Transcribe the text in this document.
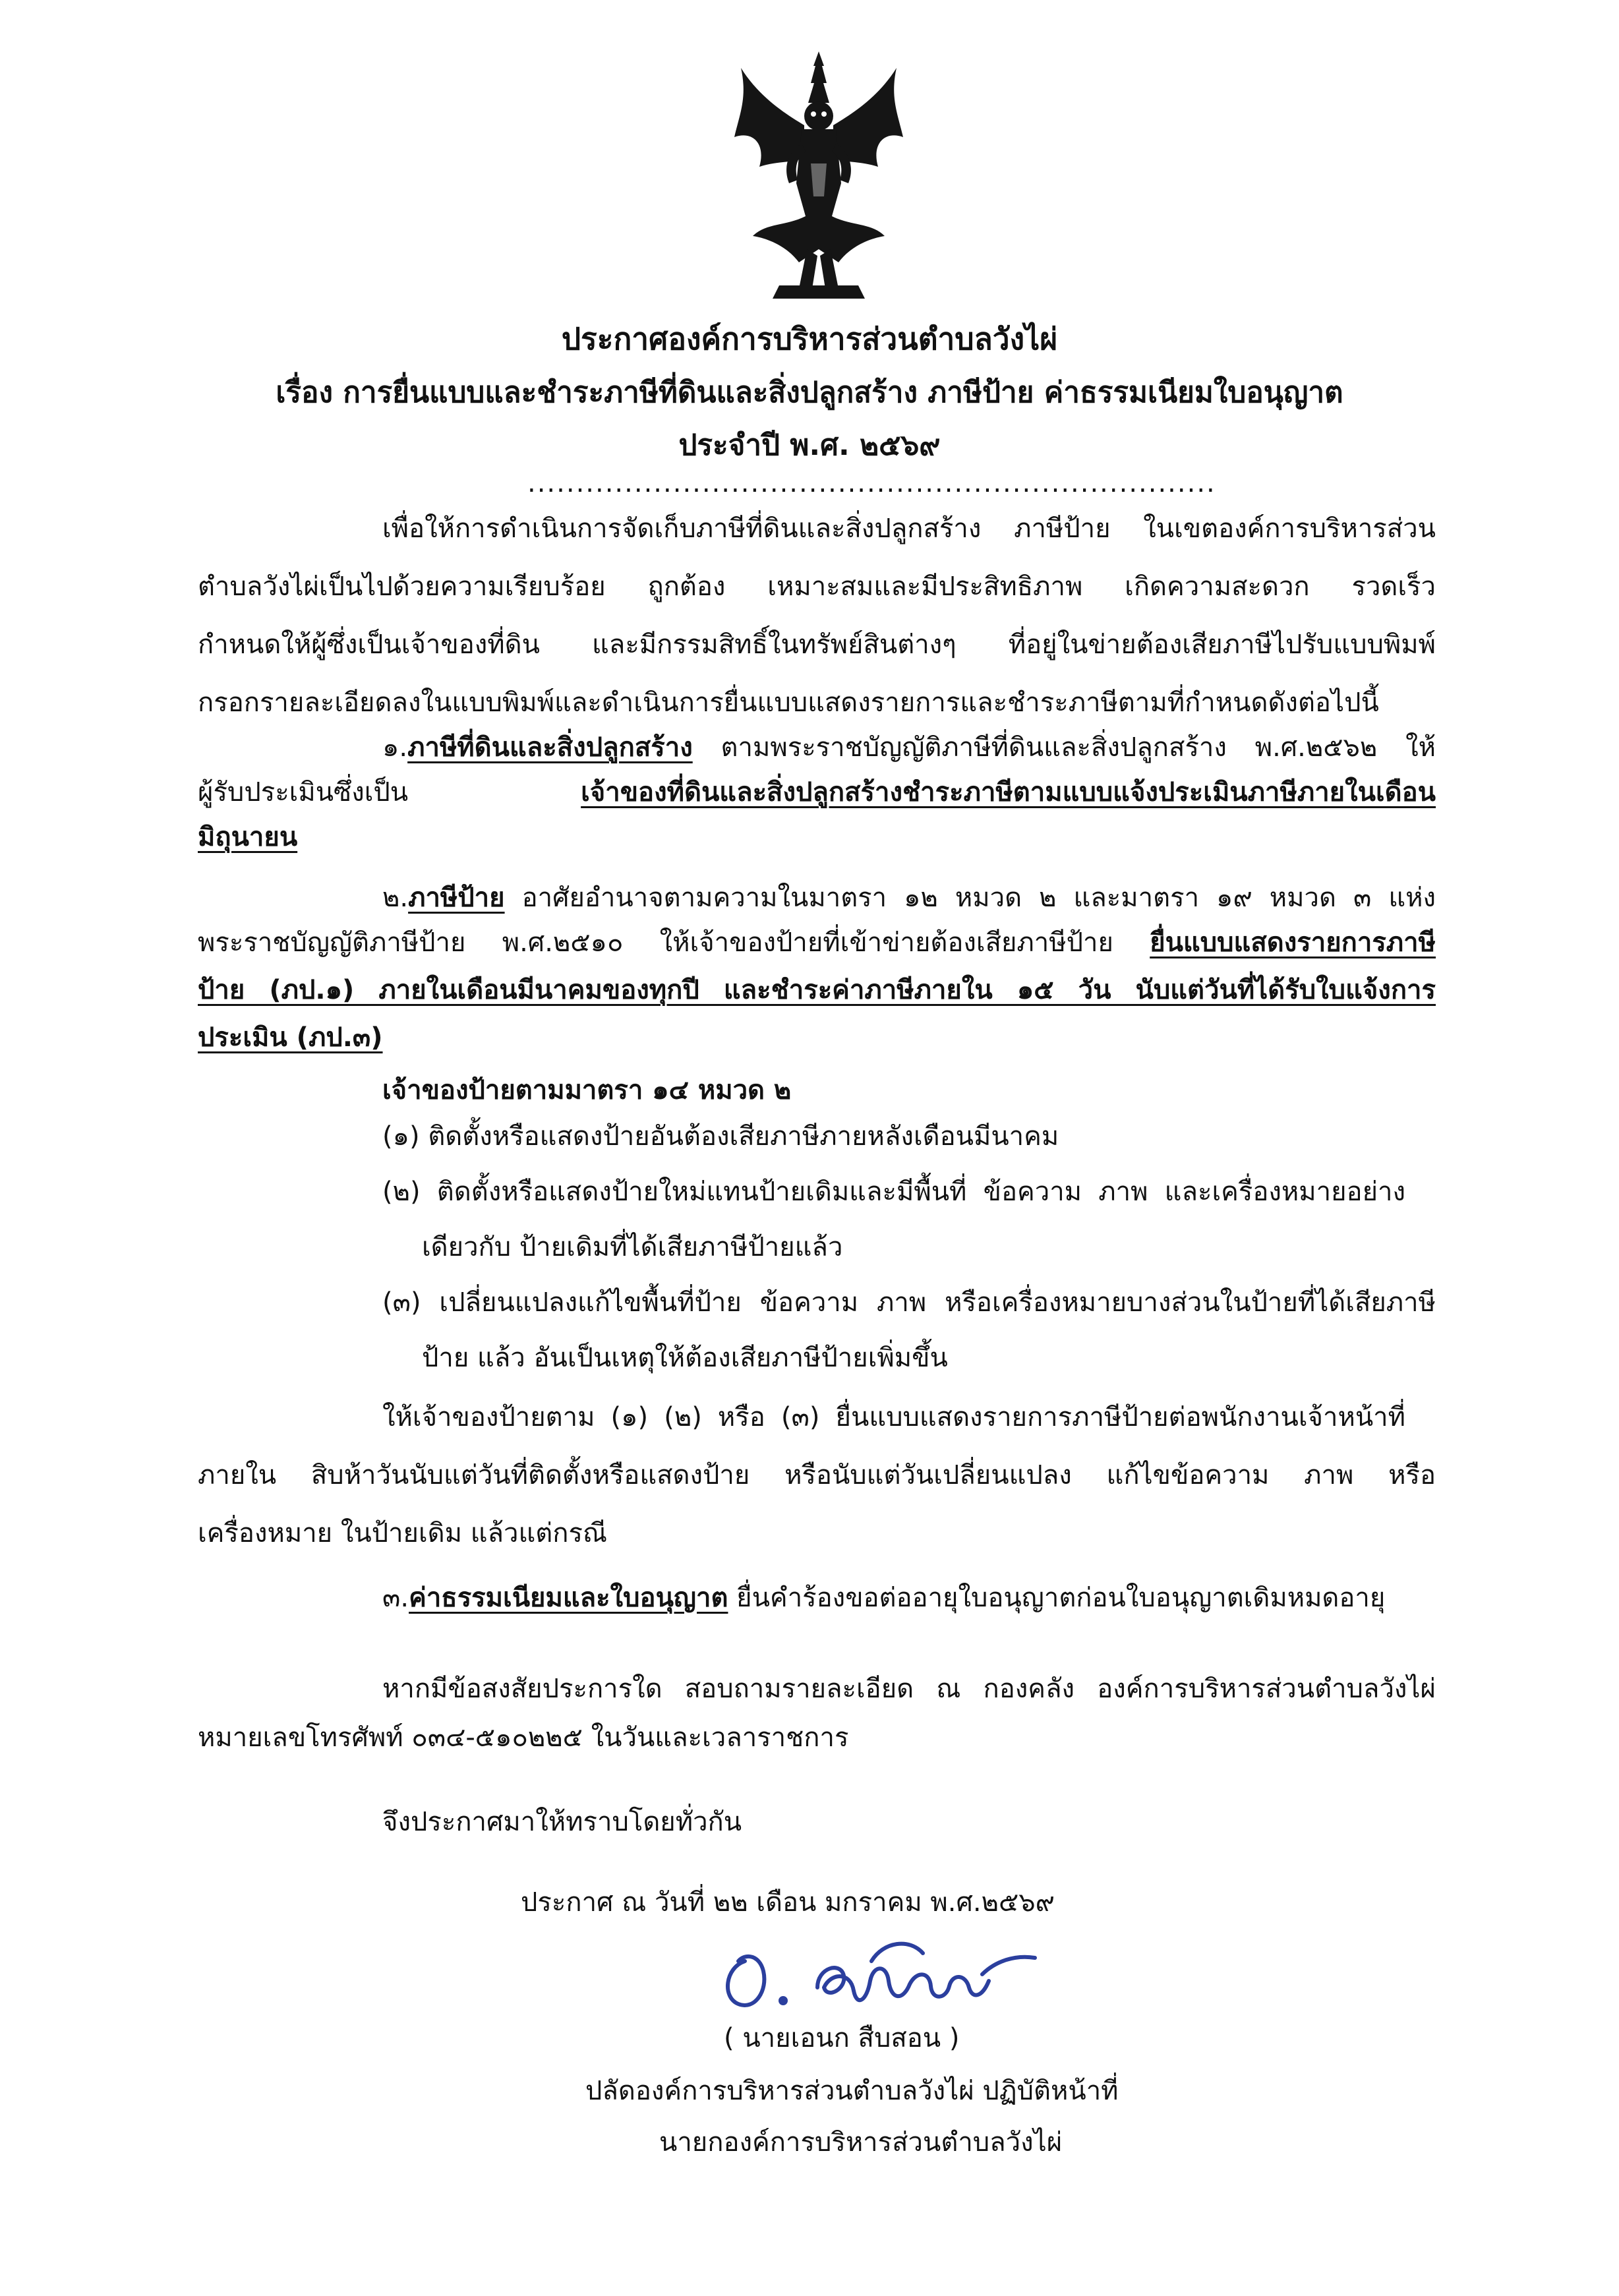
ประกาศองค์การบริหารส่วนตำบลวังไผ่
เรื่อง การยื่นแบบและชำระภาษีที่ดินและสิ่งปลูกสร้าง ภาษีป้าย ค่าธรรมเนียมใบอนุญาต
ประจำปี พ.ศ. ๒๕๖๙
.......................................................................
เพื่อให้การดำเนินการจัดเก็บภาษีที่ดินและสิ่งปลูกสร้าง ภาษีป้าย ในเขตองค์การบริหารส่วน
ตำบลวังไผ่เป็นไปด้วยความเรียบร้อย ถูกต้อง เหมาะสมและมีประสิทธิภาพ เกิดความสะดวก รวดเร็ว
กำหนดให้ผู้ซึ่งเป็นเจ้าของที่ดิน และมีกรรมสิทธิ์ในทรัพย์สินต่างๆ ที่อยู่ในข่ายต้องเสียภาษีไปรับแบบพิมพ์
กรอกรายละเอียดลงในแบบพิมพ์และดำเนินการยื่นแบบแสดงรายการและชำระภาษีตามที่กำหนดดังต่อไปนี้
๑.ภาษีที่ดินและสิ่งปลูกสร้าง ตามพระราชบัญญัติภาษีที่ดินและสิ่งปลูกสร้าง พ.ศ.๒๕๖๒ ให้
ผู้รับประเมินซึ่งเป็น เจ้าของที่ดินและสิ่งปลูกสร้างชำระภาษีตามแบบแจ้งประเมินภาษีภายในเดือน
มิถุนายน
๒.ภาษีป้าย อาศัยอำนาจตามความในมาตรา ๑๒ หมวด ๒ และมาตรา ๑๙ หมวด ๓ แห่ง
พระราชบัญญัติภาษีป้าย พ.ศ.๒๕๑๐ ให้เจ้าของป้ายที่เข้าข่ายต้องเสียภาษีป้าย ยื่นแบบแสดงรายการภาษี
ป้าย (ภป.๑) ภายในเดือนมีนาคมของทุกปี และชำระค่าภาษีภายใน ๑๕ วัน นับแต่วันที่ได้รับใบแจ้งการ
ประเมิน (ภป.๓)
เจ้าของป้ายตามมาตรา ๑๔ หมวด ๒
(๑) ติดตั้งหรือแสดงป้ายอันต้องเสียภาษีภายหลังเดือนมีนาคม
(๒) ติดตั้งหรือแสดงป้ายใหม่แทนป้ายเดิมและมีพื้นที่ ข้อความ ภาพ และเครื่องหมายอย่าง
เดียวกับ ป้ายเดิมที่ได้เสียภาษีป้ายแล้ว
(๓) เปลี่ยนแปลงแก้ไขพื้นที่ป้าย ข้อความ ภาพ หรือเครื่องหมายบางส่วนในป้ายที่ได้เสียภาษี
ป้าย แล้ว อันเป็นเหตุให้ต้องเสียภาษีป้ายเพิ่มขึ้น
ให้เจ้าของป้ายตาม (๑) (๒) หรือ (๓) ยื่นแบบแสดงรายการภาษีป้ายต่อพนักงานเจ้าหน้าที่
ภายใน สิบห้าวันนับแต่วันที่ติดตั้งหรือแสดงป้าย หรือนับแต่วันเปลี่ยนแปลง แก้ไขข้อความ ภาพ หรือ
เครื่องหมาย ในป้ายเดิม แล้วแต่กรณี
๓.ค่าธรรมเนียมและใบอนุญาต ยื่นคำร้องขอต่ออายุใบอนุญาตก่อนใบอนุญาตเดิมหมดอายุ
หากมีข้อสงสัยประการใด สอบถามรายละเอียด ณ กองคลัง องค์การบริหารส่วนตำบลวังไผ่
หมายเลขโทรศัพท์ ๐๓๔-๕๑๐๒๒๕ ในวันและเวลาราชการ
จึงประกาศมาให้ทราบโดยทั่วกัน
ประกาศ ณ วันที่ ๒๒ เดือน มกราคม พ.ศ.๒๕๖๙
( นายเอนก สืบสอน )
ปลัดองค์การบริหารส่วนตำบลวังไผ่ ปฏิบัติหน้าที่
นายกองค์การบริหารส่วนตำบลวังไผ่
